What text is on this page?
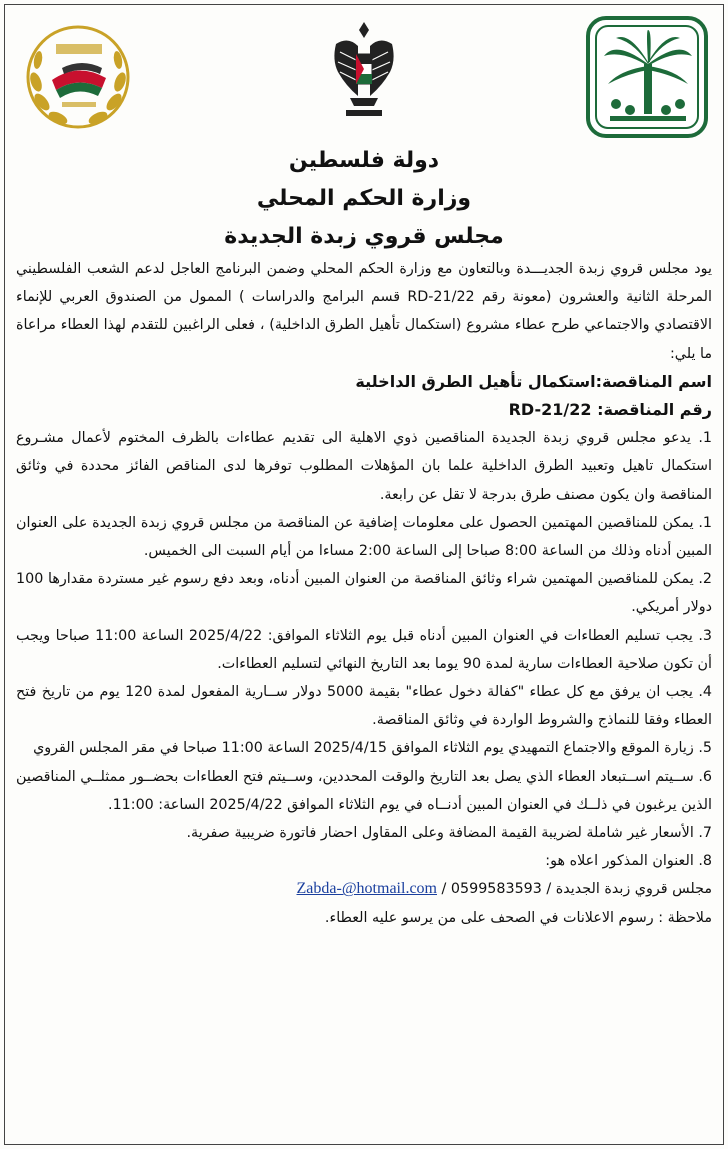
دولة فلسطين
وزارة الحكم المحلي
مجلس قروي زبدة الجديدة

يود مجلس قروي زبدة الجديـــدة وبالتعاون مع وزارة الحكم المحلي وضمن البرنامج العاجل لدعم الشعب الفلسطيني المرحلة الثانية والعشرون (معونة رقم 22/RD-21 قسم البرامج والدراسات ) الممول من الصندوق العربي للإنماء الاقتصادي والاجتماعي طرح عطاء مشروع (استكمال تأهيل الطرق الداخلية) ، فعلى الراغبين للتقدم لهذا العطاء مراعاة ما يلي:

اسم المناقصة:استكمال تأهيل الطرق الداخلية

رقم المناقصة: 22/RD-21

1. يدعو مجلس قروي زبدة الجديدة المناقصين ذوي الاهلية الى تقديم عطاءات بالظرف المختوم لأعمال مشـروع استكمال تاهيل وتعبيد الطرق الداخلية علما بان المؤهلات المطلوب توفرها لدى المناقص الفائز محددة في وثائق المناقصة وان يكون مصنف طرق بدرجة لا تقل عن رابعة.

1. يمكن للمناقصين المهتمين الحصول على معلومات إضافية عن المناقصة من مجلس قروي زبدة الجديدة على العنوان المبين أدناه وذلك من الساعة 8:00 صباحا إلى الساعة 2:00 مساءا من أيام السبت الى الخميس.

2. يمكن للمناقصين المهتمين شراء وثائق المناقصة من العنوان المبين أدناه، وبعد دفع رسوم غير مستردة مقدارها 100 دولار أمريكي.

3. يجب تسليم العطاءات في العنوان المبين أدناه قبل يوم الثلاثاء الموافق: 2025/4/22 الساعة 11:00 صباحا ويجب أن تكون صلاحية العطاءات سارية لمدة 90 يوما بعد التاريخ النهائي لتسليم العطاءات.

4. يجب ان يرفق مع كل عطاء "كفالة دخول عطاء" بقيمة 5000 دولار ســارية المفعول لمدة 120 يوم من تاريخ فتح العطاء وفقا للنماذج والشروط الواردة في وثائق المناقصة.

5. زيارة الموقع والاجتماع التمهيدي يوم الثلاثاء الموافق 2025/4/15 الساعة 11:00 صباحا في مقر المجلس القروي

6. ســيتم اســتبعاد العطاء الذي يصل بعد التاريخ والوقت المحددين، وســيتم فتح العطاءات بحضــور ممثلــي المناقصين الذين يرغبون في ذلــك في العنوان المبين أدنــاه في يوم الثلاثاء الموافق 2025/4/22 الساعة: 11:00.

7. الأسعار غير شاملة لضريبة القيمة المضافة وعلى المقاول احضار فاتورة ضريبية صفرية.

8. العنوان المذكور اعلاه هو:

مجلس قروي زبدة الجديدة / 0599583593 / Zabda-@hotmail.com

ملاحظة : رسوم الاعلانات في الصحف على من يرسو عليه العطاء.
